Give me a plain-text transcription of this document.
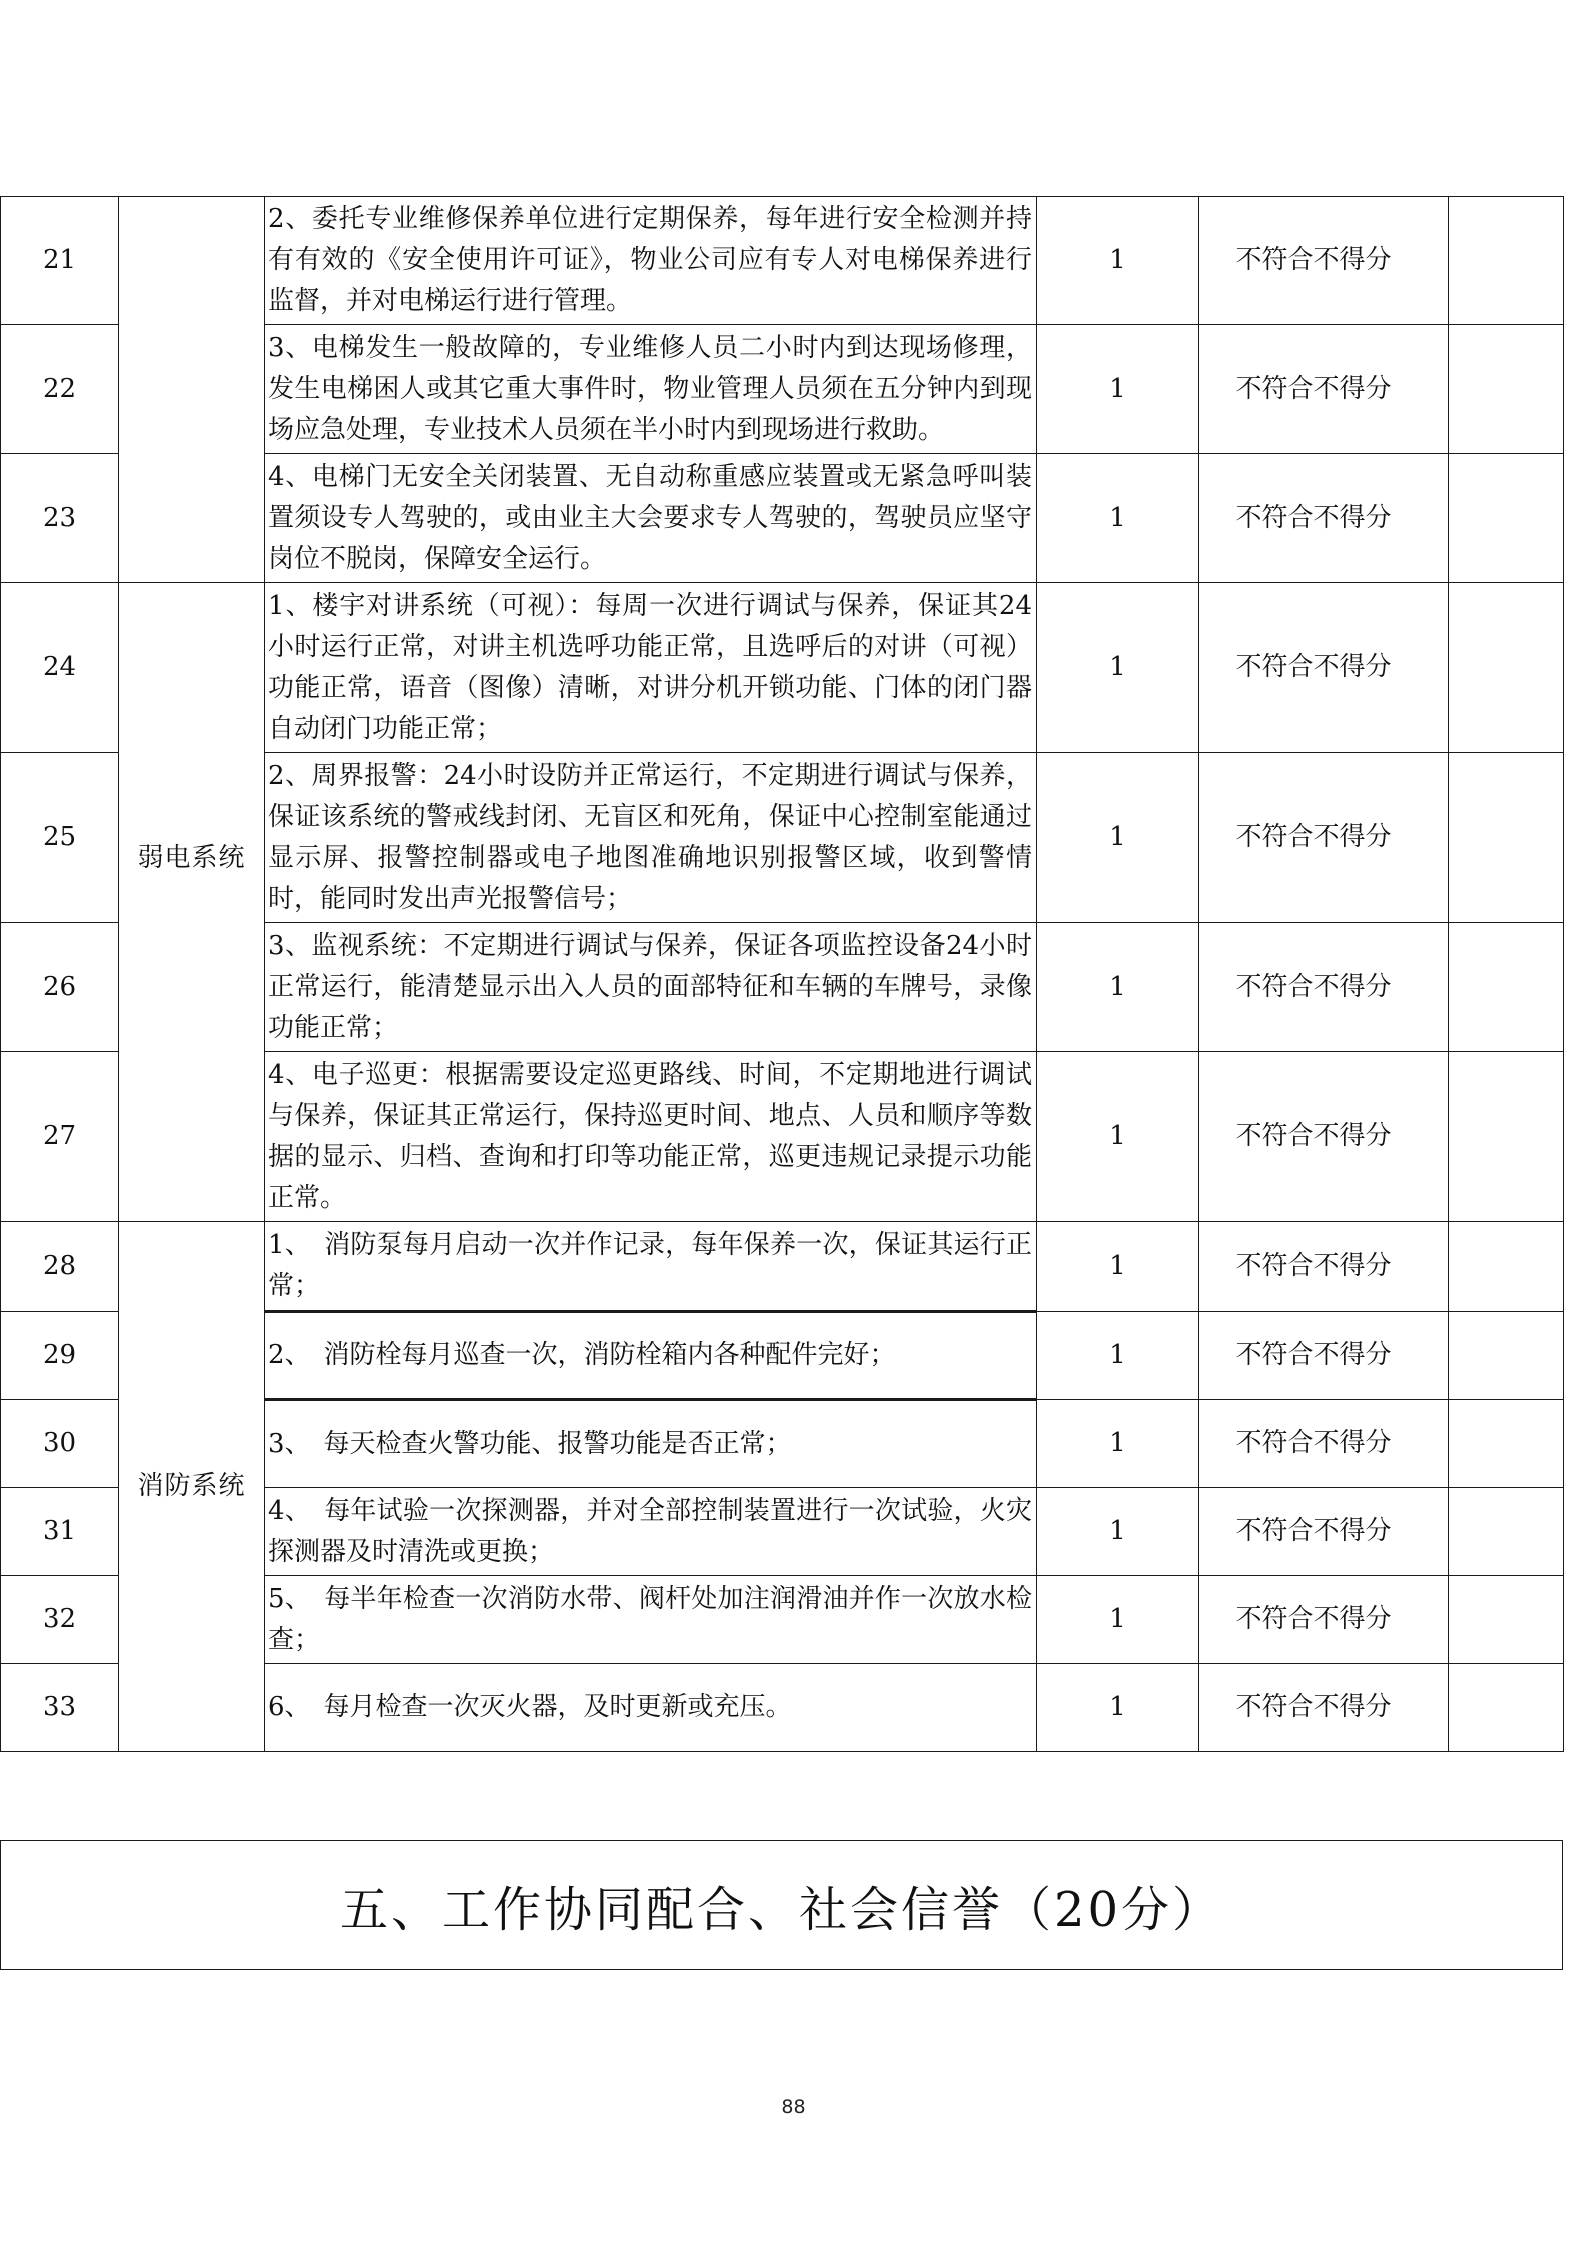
21		2、委托专业维修保养单位进行定期保养，每年进行安全检测并持有有效的《安全使用许可证》，物业公司应有专人对电梯保养进行监督，并对电梯运行进行管理。	1	不符合不得分	
22		3、电梯发生一般故障的，专业维修人员二小时内到达现场修理，发生电梯困人或其它重大事件时，物业管理人员须在五分钟内到现场应急处理，专业技术人员须在半小时内到现场进行救助。	1	不符合不得分	
23		4、电梯门无安全关闭装置、无自动称重感应装置或无紧急呼叫装置须设专人驾驶的，或由业主大会要求专人驾驶的，驾驶员应坚守岗位不脱岗，保障安全运行。	1	不符合不得分	
24	弱电系统	1、楼宇对讲系统（可视）：每周一次进行调试与保养，保证其24小时运行正常，对讲主机选呼功能正常，且选呼后的对讲（可视）功能正常，语音（图像）清晰，对讲分机开锁功能、门体的闭门器自动闭门功能正常；	1	不符合不得分	
25		2、周界报警：24小时设防并正常运行，不定期进行调试与保养，保证该系统的警戒线封闭、无盲区和死角，保证中心控制室能通过显示屏、报警控制器或电子地图准确地识别报警区域，收到警情时，能同时发出声光报警信号；	1	不符合不得分	
26		3、监视系统：不定期进行调试与保养，保证各项监控设备24小时正常运行，能清楚显示出入人员的面部特征和车辆的车牌号，录像功能正常；	1	不符合不得分	
27		4、电子巡更：根据需要设定巡更路线、时间，不定期地进行调试与保养，保证其正常运行，保持巡更时间、地点、人员和顺序等数据的显示、归档、查询和打印等功能正常，巡更违规记录提示功能正常。	1	不符合不得分	
28	消防系统	1、　消防泵每月启动一次并作记录，每年保养一次，保证其运行正常；	1	不符合不得分	
29		2、　消防栓每月巡查一次，消防栓箱内各种配件完好；	1	不符合不得分	
30		3、　每天检查火警功能、报警功能是否正常；	1	不符合不得分	
31		4、　每年试验一次探测器，并对全部控制装置进行一次试验，火灾探测器及时清洗或更换；	1	不符合不得分	
32		5、　每半年检查一次消防水带、阀杆处加注润滑油并作一次放水检查；	1	不符合不得分	
33		6、　每月检查一次灭火器，及时更新或充压。	1	不符合不得分	
五、工作协同配合、社会信誉（20分）
88
